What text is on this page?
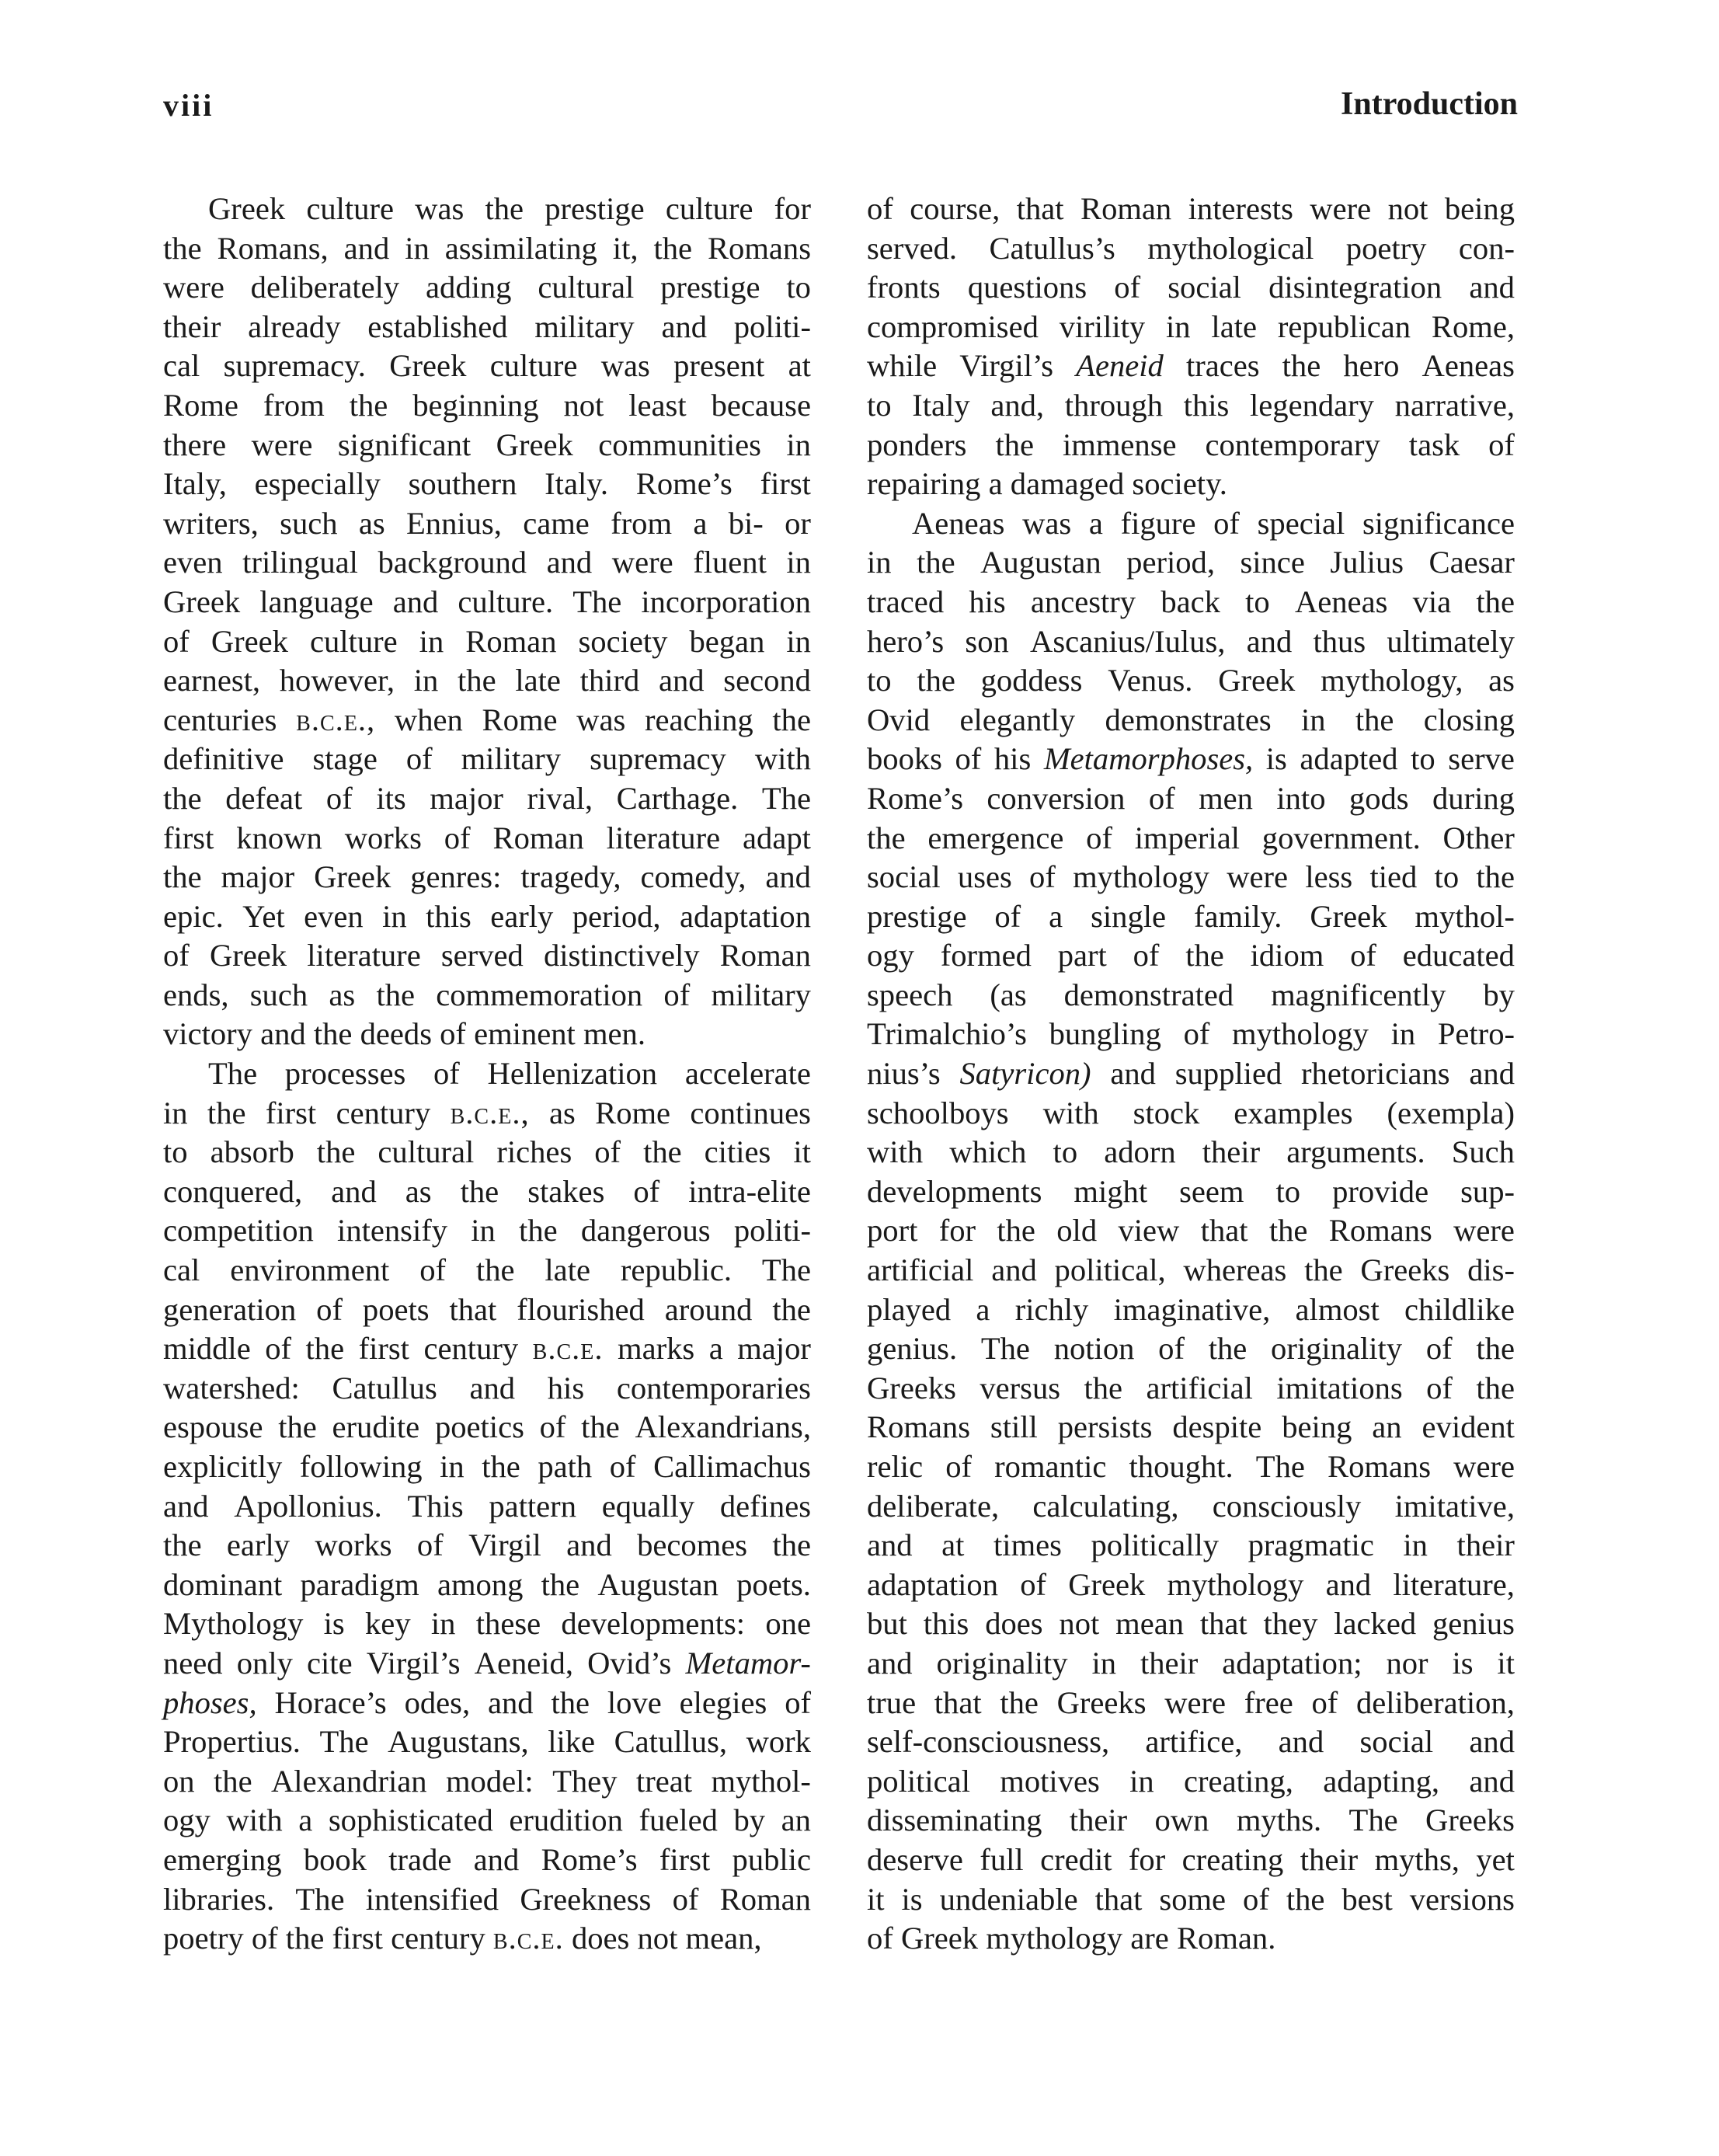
viii	Introduction
Greek culture was the prestige culture for
the Romans, and in assimilating it, the Romans
were deliberately adding cultural prestige to
their already established military and politi-
cal supremacy. Greek culture was present at
Rome from the beginning not least because
there were significant Greek communities in
Italy, especially southern Italy. Rome’s first
writers, such as Ennius, came from a bi- or
even trilingual background and were fluent in
Greek language and culture. The incorporation
of Greek culture in Roman society began in
earnest, however, in the late third and second
centuries b.c.e., when Rome was reaching the
definitive stage of military supremacy with
the defeat of its major rival, Carthage. The
first known works of Roman literature adapt
the major Greek genres: tragedy, comedy, and
epic. Yet even in this early period, adaptation
of Greek literature served distinctively Roman
ends, such as the commemoration of military
victory and the deeds of eminent men.
The processes of Hellenization accelerate
in the first century b.c.e., as Rome continues
to absorb the cultural riches of the cities it
conquered, and as the stakes of intra-elite
competition intensify in the dangerous politi-
cal environment of the late republic. The
generation of poets that flourished around the
middle of the first century b.c.e. marks a major
watershed: Catullus and his contemporaries
espouse the erudite poetics of the Alexandrians,
explicitly following in the path of Callimachus
and Apollonius. This pattern equally defines
the early works of Virgil and becomes the
dominant paradigm among the Augustan poets.
Mythology is key in these developments: one
need only cite Virgil’s Aeneid, Ovid’s Metamor-
phoses, Horace’s odes, and the love elegies of
Propertius. The Augustans, like Catullus, work
on the Alexandrian model: They treat mythol-
ogy with a sophisticated erudition fueled by an
emerging book trade and Rome’s first public
libraries. The intensified Greekness of Roman
poetry of the first century b.c.e. does not mean,
of course, that Roman interests were not being
served. Catullus’s mythological poetry con-
fronts questions of social disintegration and
compromised virility in late republican Rome,
while Virgil’s Aeneid traces the hero Aeneas
to Italy and, through this legendary narrative,
ponders the immense contemporary task of
repairing a damaged society.
Aeneas was a figure of special significance
in the Augustan period, since Julius Caesar
traced his ancestry back to Aeneas via the
hero’s son Ascanius/Iulus, and thus ultimately
to the goddess Venus. Greek mythology, as
Ovid elegantly demonstrates in the closing
books of his Metamorphoses, is adapted to serve
Rome’s conversion of men into gods during
the emergence of imperial government. Other
social uses of mythology were less tied to the
prestige of a single family. Greek mythol-
ogy formed part of the idiom of educated
speech (as demonstrated magnificently by
Trimalchio’s bungling of mythology in Petro-
nius’s Satyricon) and supplied rhetoricians and
schoolboys with stock examples (exempla)
with which to adorn their arguments. Such
developments might seem to provide sup-
port for the old view that the Romans were
artificial and political, whereas the Greeks dis-
played a richly imaginative, almost childlike
genius. The notion of the originality of the
Greeks versus the artificial imitations of the
Romans still persists despite being an evident
relic of romantic thought. The Romans were
deliberate, calculating, consciously imitative,
and at times politically pragmatic in their
adaptation of Greek mythology and literature,
but this does not mean that they lacked genius
and originality in their adaptation; nor is it
true that the Greeks were free of deliberation,
self-consciousness, artifice, and social and
political motives in creating, adapting, and
disseminating their own myths. The Greeks
deserve full credit for creating their myths, yet
it is undeniable that some of the best versions
of Greek mythology are Roman.
